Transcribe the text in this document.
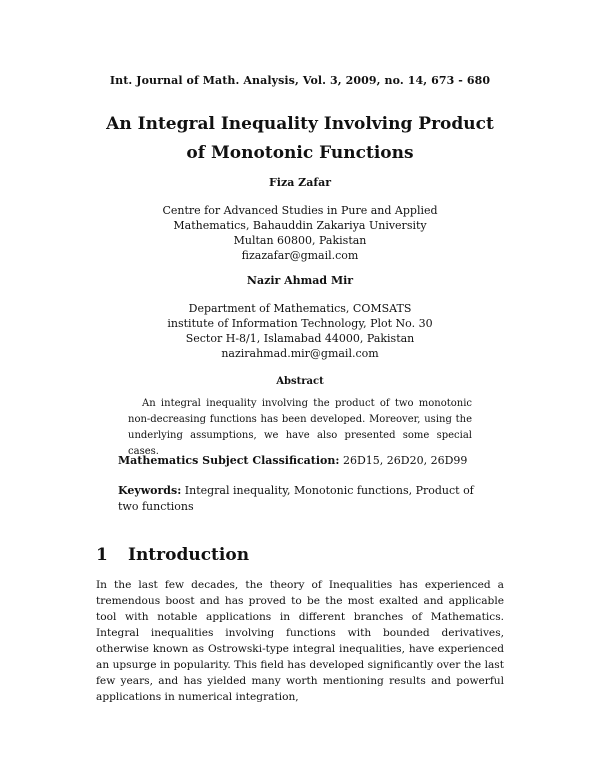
Int. Journal of Math. Analysis, Vol. 3, 2009, no. 14, 673 - 680
An Integral Inequality Involving Product
of Monotonic Functions
Fiza Zafar
Centre for Advanced Studies in Pure and Applied
Mathematics, Bahauddin Zakariya University
Multan 60800, Pakistan
fizazafar@gmail.com
Nazir Ahmad Mir
Department of Mathematics, COMSATS
institute of Information Technology, Plot No. 30
Sector H-8/1, Islamabad 44000, Pakistan
nazirahmad.mir@gmail.com
Abstract
An integral inequality involving the product of two monotonic non-decreasing functions has been developed. Moreover, using the underlying assumptions, we have also presented some special cases.
Mathematics Subject Classification: 26D15, 26D20, 26D99
Keywords: Integral inequality, Monotonic functions, Product of two functions
1 Introduction
In the last few decades, the theory of Inequalities has experienced a tremendous boost and has proved to be the most exalted and applicable tool with notable applications in different branches of Mathematics. Integral inequalities involving functions with bounded derivatives, otherwise known as Ostrowski-type integral inequalities, have experienced an upsurge in popularity. This field has developed significantly over the last few years, and has yielded many worth mentioning results and powerful applications in numerical integration,
